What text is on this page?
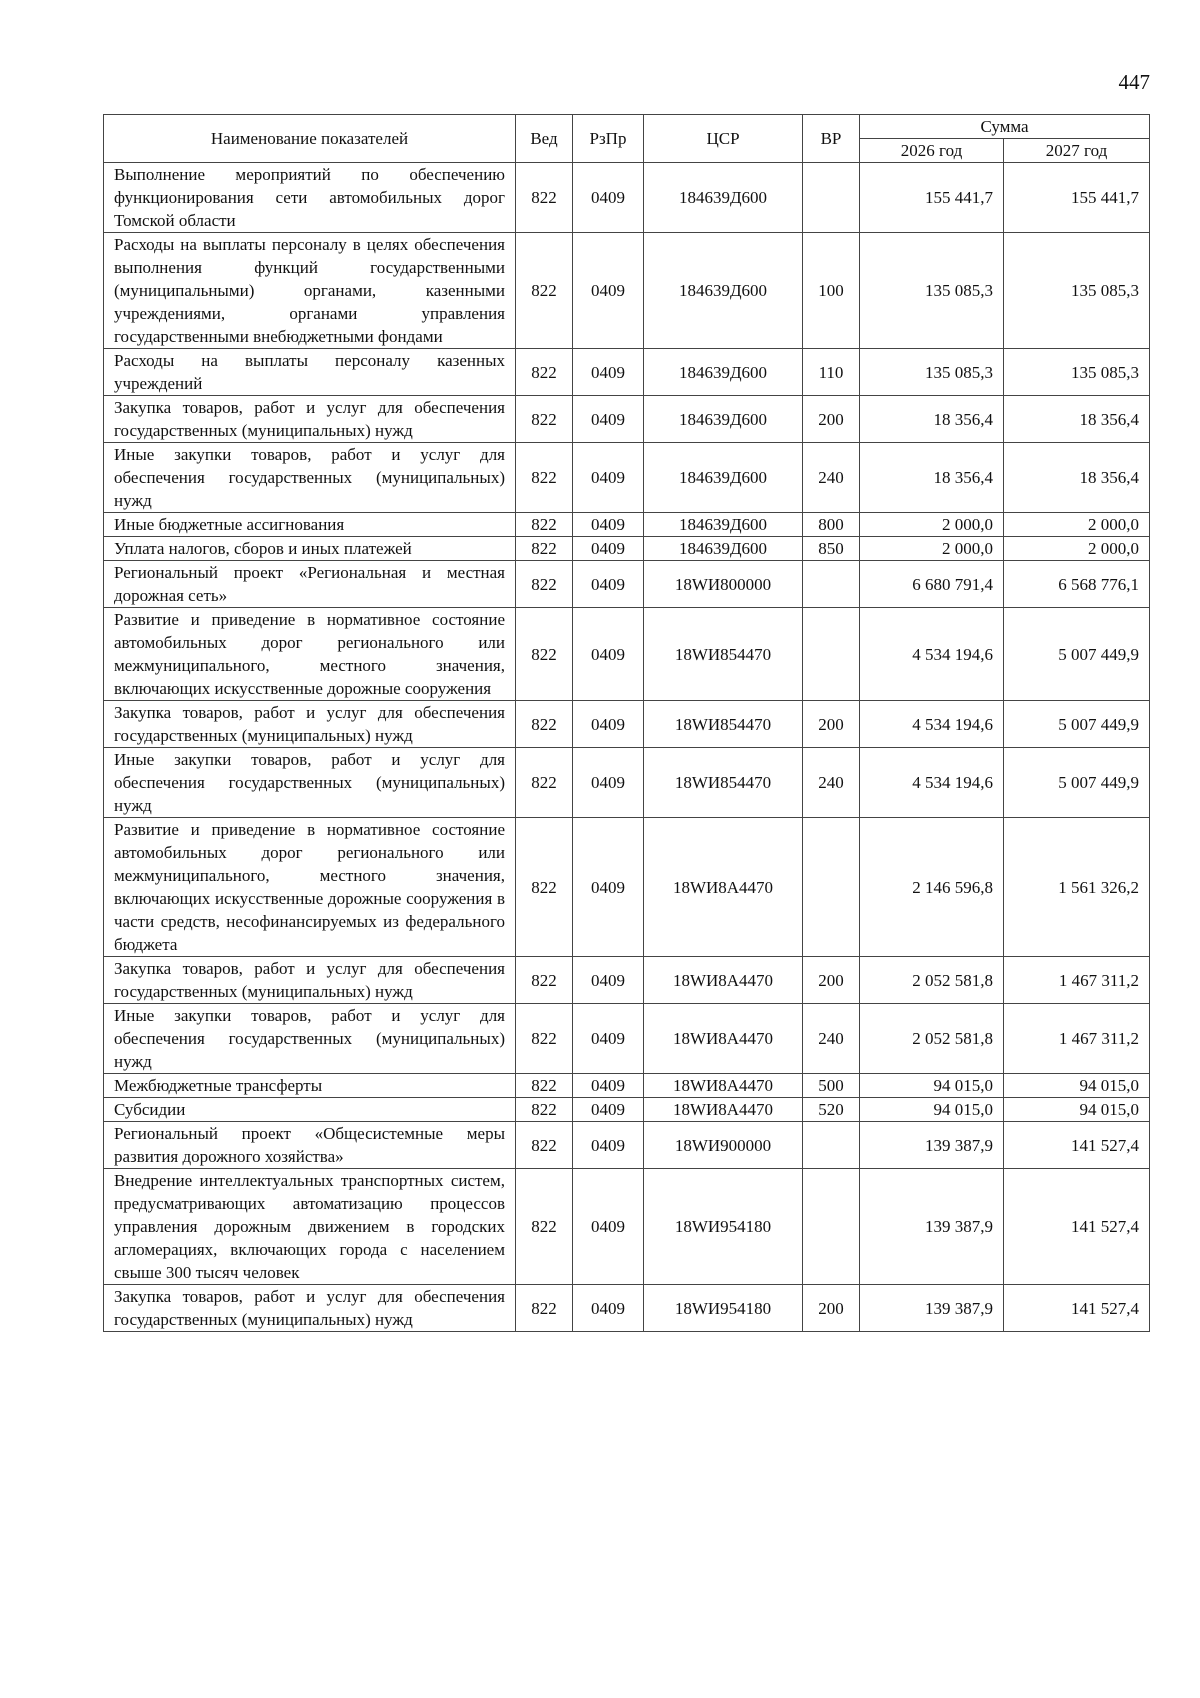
447
Наименование показателей	Вед	РзПр	ЦСР	ВР	Сумма	
					2026 год	2027 год
Выполнение мероприятий по обеспечению функционирования сети автомобильных дорог Томской области	822	0409	184639Д600		155 441,7	155 441,7
Расходы на выплаты персоналу в целях обеспечения выполнения функций государственными (муниципальными) органами, казенными учреждениями, органами управления государственными внебюджетными фондами	822	0409	184639Д600	100	135 085,3	135 085,3
Расходы на выплаты персоналу казенных учреждений	822	0409	184639Д600	110	135 085,3	135 085,3
Закупка товаров, работ и услуг для обеспечения государственных (муниципальных) нужд	822	0409	184639Д600	200	18 356,4	18 356,4
Иные закупки товаров, работ и услуг для обеспечения государственных (муниципальных) нужд	822	0409	184639Д600	240	18 356,4	18 356,4
Иные бюджетные ассигнования	822	0409	184639Д600	800	2 000,0	2 000,0
Уплата налогов, сборов и иных платежей	822	0409	184639Д600	850	2 000,0	2 000,0
Региональный проект «Региональная и местная дорожная сеть»	822	0409	18WИ800000		6 680 791,4	6 568 776,1
Развитие и приведение в нормативное состояние автомобильных дорог регионального или межмуниципального, местного значения, включающих искусственные дорожные сооружения	822	0409	18WИ854470		4 534 194,6	5 007 449,9
Закупка товаров, работ и услуг для обеспечения государственных (муниципальных) нужд	822	0409	18WИ854470	200	4 534 194,6	5 007 449,9
Иные закупки товаров, работ и услуг для обеспечения государственных (муниципальных) нужд	822	0409	18WИ854470	240	4 534 194,6	5 007 449,9
Развитие и приведение в нормативное состояние автомобильных дорог регионального или межмуниципального, местного значения, включающих искусственные дорожные сооружения в части средств, несофинансируемых из федерального бюджета	822	0409	18WИ8А4470		2 146 596,8	1 561 326,2
Закупка товаров, работ и услуг для обеспечения государственных (муниципальных) нужд	822	0409	18WИ8А4470	200	2 052 581,8	1 467 311,2
Иные закупки товаров, работ и услуг для обеспечения государственных (муниципальных) нужд	822	0409	18WИ8А4470	240	2 052 581,8	1 467 311,2
Межбюджетные трансферты	822	0409	18WИ8А4470	500	94 015,0	94 015,0
Субсидии	822	0409	18WИ8А4470	520	94 015,0	94 015,0
Региональный проект «Общесистемные меры развития дорожного хозяйства»	822	0409	18WИ900000		139 387,9	141 527,4
Внедрение интеллектуальных транспортных систем, предусматривающих автоматизацию процессов управления дорожным движением в городских агломерациях, включающих города с населением свыше 300 тысяч человек	822	0409	18WИ954180		139 387,9	141 527,4
Закупка товаров, работ и услуг для обеспечения государственных (муниципальных) нужд	822	0409	18WИ954180	200	139 387,9	141 527,4
